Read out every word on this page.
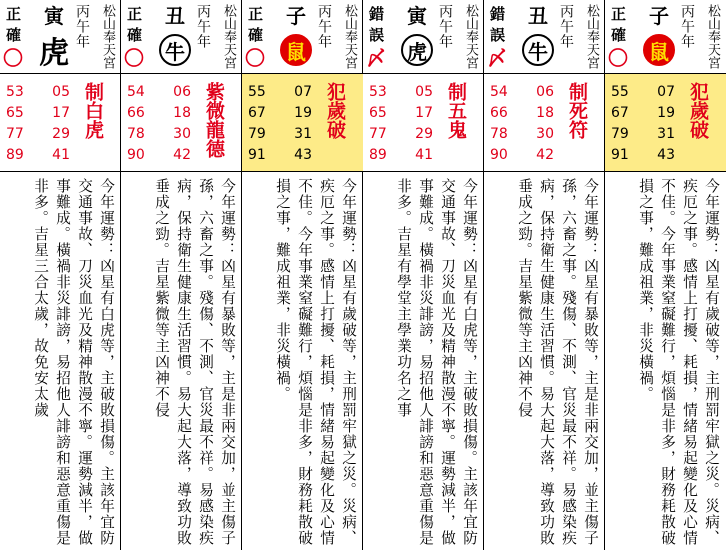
正確
〇
寅
虎
丙午年 松山奉天宮
53 05
65 17
77 29
89 41
制白虎
今年運勢：凶星有白虎等，主破敗損傷。主該年宜防交通事故、刀災血光及精神散漫不寧。運勢減半，做事難成。橫禍非災誹謗，易招他人誹謗和惡意重傷是非多。吉星三合太歲，故免安太歲
正確
〇
丑
牛
丙午年 松山奉天宮
54 06
66 18
78 30
90 42 紫微龍德
今年運勢：凶星有暴敗等，主是非兩交加，並主傷子孫，六畜之事。殘傷、不測、官災最不祥。易感染疾病，保持衛生健康生活習慣。易大起大落，導致功敗垂成之勁。吉星紫微等主凶神不侵
正確
〇
子
鼠
丙午年 松山奉天宮
55 07
67 19
79 31
91 43
犯歲破
今年運勢：凶星有歲破等，主刑罰牢獄之災。災病、疾厄之事。感情上打擾、耗損，情緒易起變化及心情不佳。今年事業窒礙難行，煩惱是非多，財務耗散破損之事，難成祖業，非災橫禍。
錯誤
〆
寅
虎
丙午年 松山奉天宮
53 05
65 17
77 29
89 41
制五鬼
今年運勢：凶星有白虎等，主破敗損傷。主該年宜防交通事故、刀災血光及精神散漫不寧。運勢減半，做事難成。橫禍非災誹謗，易招他人誹謗和惡意重傷是非多。吉星有學堂主學業功名之事
錯誤
〆
丑
牛
丙午年 松山奉天宮
54 06
66 18
78 30
90 42
制死符
今年運勢：凶星有暴敗等，主是非兩交加，並主傷子孫，六畜之事。殘傷、不測、官災最不祥。易感染疾病，保持衛生健康生活習慣。易大起大落，導致功敗垂成之勁。吉星紫微等主凶神不侵
正確
〇
子
鼠
丙午年 松山奉天宮
55 07
67 19
79 31
91 43
犯歲破
今年運勢：凶星有歲破等，主刑罰牢獄之災。災病、疾厄之事。感情上打擾、耗損，情緒易起變化及心情不佳。今年事業窒礙難行，煩惱是非多，財務耗散破損之事，難成祖業，非災橫禍。
